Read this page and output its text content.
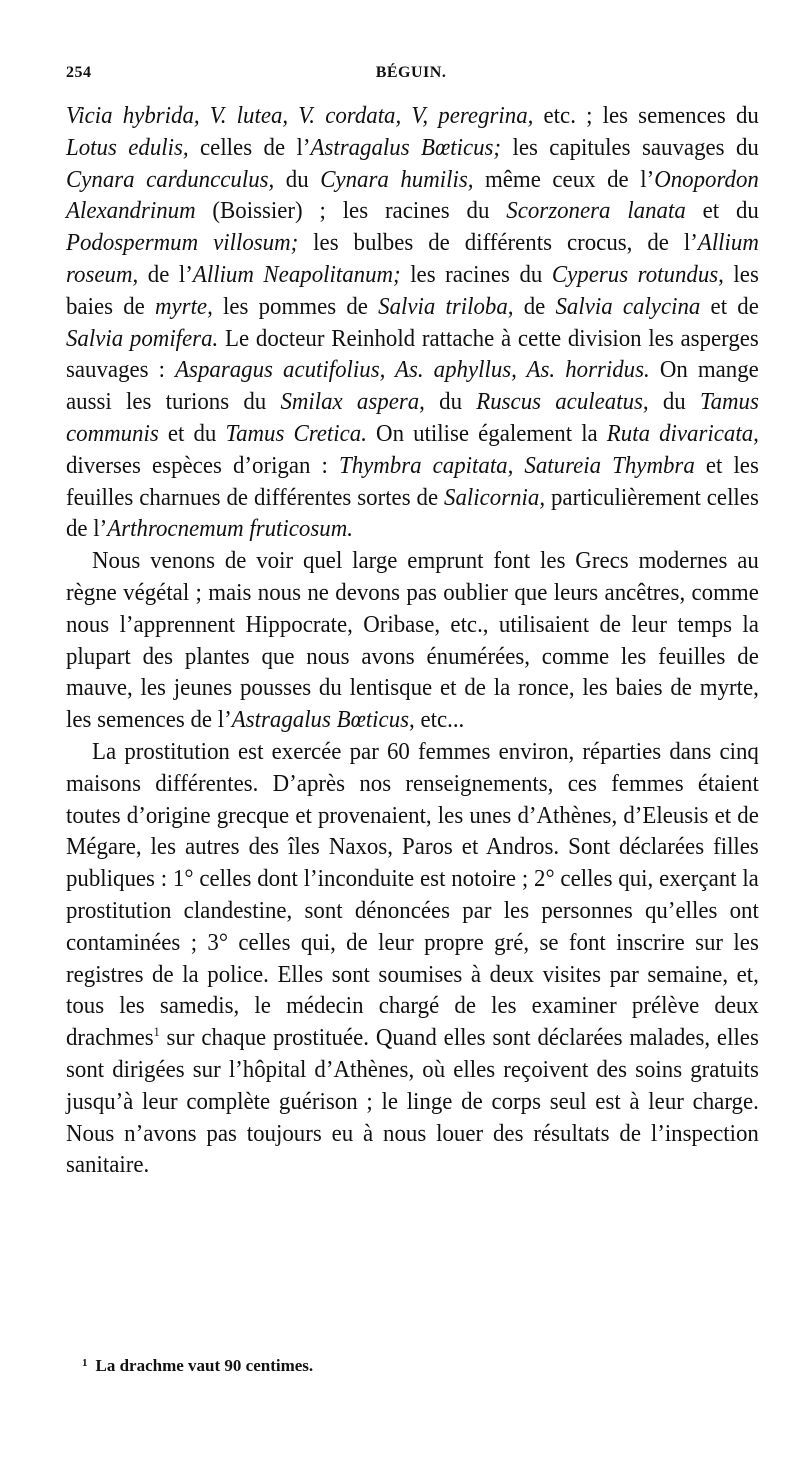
254	BÉGUIN.

Vicia hybrida, V. lutea, V. cordata, V, peregrina, etc. ; les semences du Lotus edulis, celles de l’Astragalus Bœticus; les capitules sauvages du Cynara carduncculus, du Cynara humilis, même ceux de l’Onopordon Alexandrinum (Boissier) ; les racines du Scorzonera lanata et du Podospermum villosum; les bulbes de différents crocus, de l’Allium roseum, de l’Allium Neapolitanum; les racines du Cyperus rotundus, les baies de myrte, les pommes de Salvia triloba, de Salvia calycina et de Salvia pomifera. Le docteur Reinhold rattache à cette division les asperges sauvages : Asparagus acutifolius, As. aphyllus, As. horridus. On mange aussi les turions du Smilax aspera, du Ruscus aculeatus, du Tamus communis et du Tamus Cretica. On utilise également la Ruta divaricata, diverses espèces d’origan : Thymbra capitata, Satureia Thymbra et les feuilles charnues de différentes sortes de Salicornia, particulièrement celles de l’Arthrocnemum fruticosum.

Nous venons de voir quel large emprunt font les Grecs modernes au règne végétal ; mais nous ne devons pas oublier que leurs ancêtres, comme nous l’apprennent Hippocrate, Oribase, etc., utilisaient de leur temps la plupart des plantes que nous avons énumérées, comme les feuilles de mauve, les jeunes pousses du lentisque et de la ronce, les baies de myrte, les semences de l’Astragalus Bœticus, etc...

La prostitution est exercée par 60 femmes environ, réparties dans cinq maisons différentes. D’après nos renseignements, ces femmes étaient toutes d’origine grecque et provenaient, les unes d’Athènes, d’Eleusis et de Mégare, les autres des îles Naxos, Paros et Andros. Sont déclarées filles publiques : 1° celles dont l’inconduite est notoire ; 2° celles qui, exerçant la prostitution clandestine, sont dénoncées par les personnes qu’elles ont contaminées ; 3° celles qui, de leur propre gré, se font inscrire sur les registres de la police. Elles sont soumises à deux visites par semaine, et, tous les samedis, le médecin chargé de les examiner prélève deux drachmes$^1$ sur chaque prostituée. Quand elles sont déclarées malades, elles sont dirigées sur l’hôpital d’Athènes, où elles reçoivent des soins gratuits jusqu’à leur complète guérison ; le linge de corps seul est à leur charge. Nous n’avons pas toujours eu à nous louer des résultats de l’inspection sanitaire.

$^1$ La drachme vaut 90 centimes.
